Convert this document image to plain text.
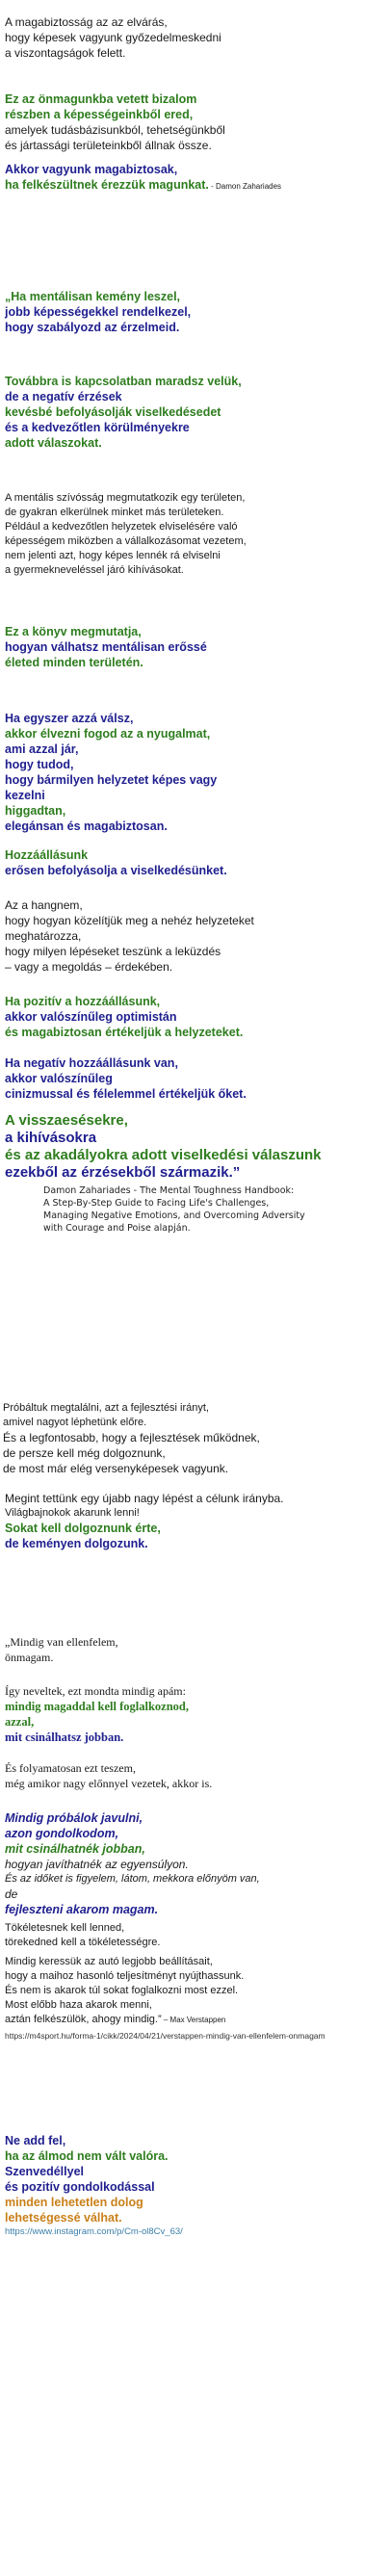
A magabiztosság az az elvárás,
hogy képesek vagyunk győzedelmeskedni
a viszontagságok felett.
Ez az önmagunkba vetett bizalom
részben a képességeinkből ered,
amelyek tudásbázisunkból, tehetségünkből
és jártassági területeinkből állnak össze.
Akkor vagyunk magabiztosak,
ha felkészültnek érezzük magunkat. - Damon Zahariades
„Ha mentálisan kemény leszel,
jobb képességekkel rendelkezel,
hogy szabályozd az érzelmeid.
Továbbra is kapcsolatban maradsz velük,
de a negatív érzések
kevésbé befolyásolják viselkedésedet
és a kedvezőtlen körülményekre
adott válaszokat.
A mentális szívósság megmutatkozik egy területen,
de gyakran elkerülnek minket más területeken.
Például a kedvezőtlen helyzetek elviselésére való
képességem miközben a vállalkozásomat vezetem,
nem jelenti azt, hogy képes lennék rá elviselni
a gyermekneveléssel járó kihívásokat.
Ez a könyv megmutatja,
hogyan válhatsz mentálisan erőssé
életed minden területén.
Ha egyszer azzá válsz,
akkor élvezni fogod az a nyugalmat,
ami azzal jár,
hogy tudod,
hogy bármilyen helyzetet képes vagy
kezelni
higgadtan,
elegánsan és magabiztosan.
Hozzáállásunk
erősen befolyásolja a viselkedésünket.
Az a hangnem,
hogy hogyan közelítjük meg a nehéz helyzeteket
meghatározza,
hogy milyen lépéseket teszünk a leküzdés
– vagy a megoldás – érdekében.
Ha pozitív a hozzáállásunk,
akkor valószínűleg optimistán
és magabiztosan értékeljük a helyzeteket.
Ha negatív hozzáállásunk van,
akkor valószínűleg
cinizmussal és félelemmel értékeljük őket.
A visszaesésekre,
a kihívásokra
és az akadályokra adott viselkedési válaszunk
ezekből az érzésekből származik.”
Damon Zahariades - The Mental Toughness Handbook:
A Step-By-Step Guide to Facing Life's Challenges,
Managing Negative Emotions, and Overcoming Adversity
with Courage and Poise alapján.
Próbáltuk megtalálni, azt a fejlesztési irányt,
amivel nagyot léphetünk előre.
És a legfontosabb, hogy a fejlesztések működnek,
de persze kell még dolgoznunk,
de most már elég versenyképesek vagyunk.
Megint tettünk egy újabb nagy lépést a célunk irányba.
Világbajnokok akarunk lenni!
Sokat kell dolgoznunk érte,
de keményen dolgozunk.
„Mindig van ellenfelem,
önmagam.
Így neveltek, ezt mondta mindig apám:
mindig magaddal kell foglalkoznod,
azzal,
mit csinálhatsz jobban.
És folyamatosan ezt teszem,
még amikor nagy előnnyel vezetek, akkor is.
Mindig próbálok javulni,
azon gondolkodom,
mit csinálhatnék jobban,
hogyan javíthatnék az egyensúlyon.
És az időket is figyelem, látom, mekkora előnyöm van,
de
fejleszteni akarom magam.
Tökéletesnek kell lenned,
törekedned kell a tökéletességre.
Mindig keressük az autó legjobb beállításait,
hogy a maihoz hasonló teljesítményt nyújthassunk.
És nem is akarok túl sokat foglalkozni most ezzel.
Most előbb haza akarok menni,
aztán felkészülök, ahogy mindig.” – Max Verstappen
https://m4sport.hu/forma-1/cikk/2024/04/21/verstappen-mindig-van-ellenfelem-onmagam
Ne add fel,
ha az álmod nem vált valóra.
Szenvedéllyel
és pozitív gondolkodással
minden lehetetlen dolog
lehetségessé válhat.
https://www.instagram.com/p/Cm-ol8Cv_63/
